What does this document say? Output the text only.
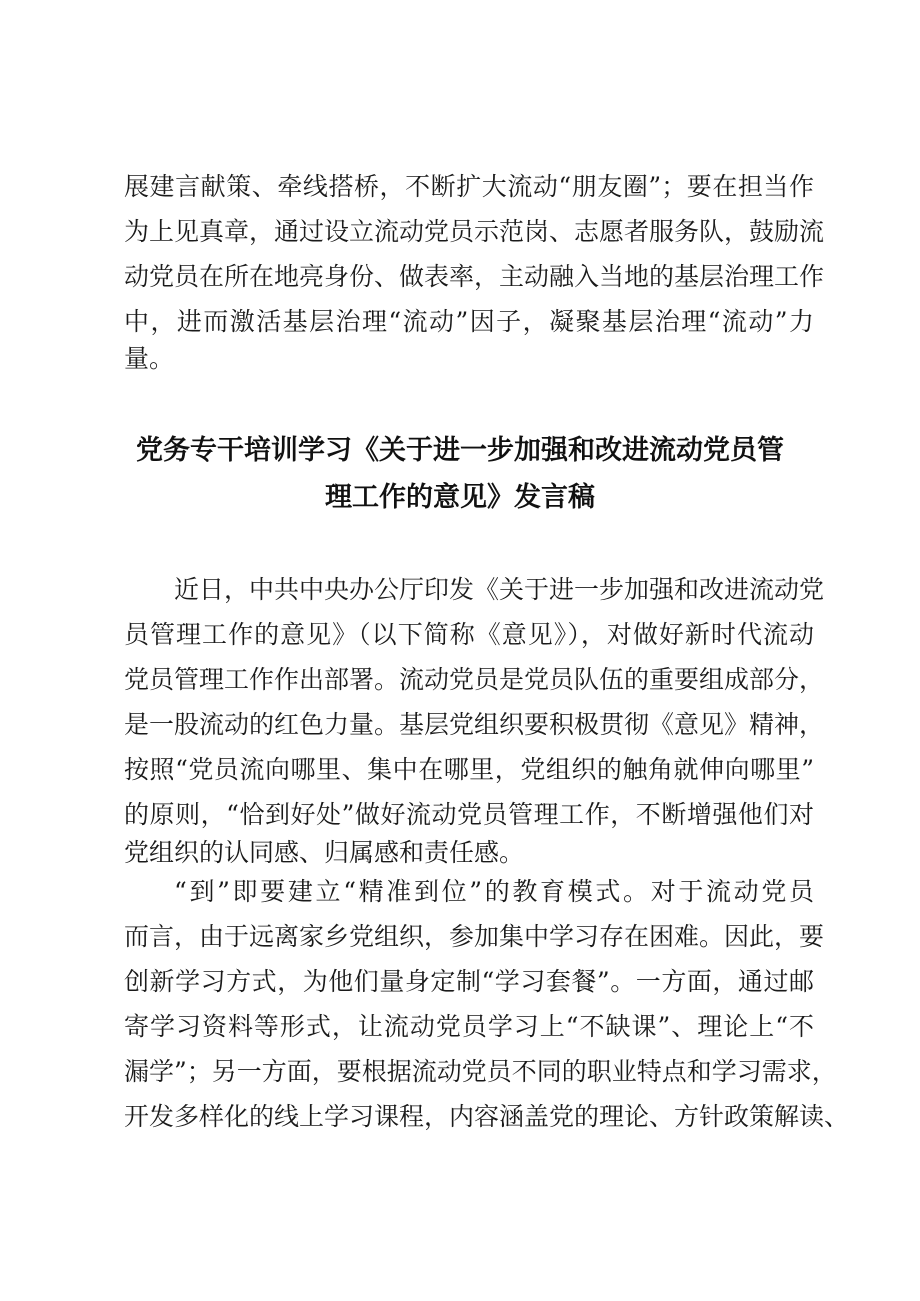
展建言献策、牵线搭桥，不断扩大流动“朋友圈”；要在担当作
为上见真章，通过设立流动党员示范岗、志愿者服务队，鼓励流
动党员在所在地亮身份、做表率，主动融入当地的基层治理工作
中，进而激活基层治理“流动”因子，凝聚基层治理“流动”力
量。
党务专干培训学习《关于进一步加强和改进流动党员管
理工作的意见》发言稿
近日，中共中央办公厅印发《关于进一步加强和改进流动党
员管理工作的意见》（以下简称《意见》），对做好新时代流动
党员管理工作作出部署。流动党员是党员队伍的重要组成部分，
是一股流动的红色力量。基层党组织要积极贯彻《意见》精神，
按照“党员流向哪里、集中在哪里，党组织的触角就伸向哪里”
的原则，“恰到好处”做好流动党员管理工作，不断增强他们对
党组织的认同感、归属感和责任感。
“到”即要建立“精准到位”的教育模式。对于流动党员
而言，由于远离家乡党组织，参加集中学习存在困难。因此，要
创新学习方式，为他们量身定制“学习套餐”。一方面，通过邮
寄学习资料等形式，让流动党员学习上“不缺课”、理论上“不
漏学”；另一方面，要根据流动党员不同的职业特点和学习需求，
开发多样化的线上学习课程，内容涵盖党的理论、方针政策解读、
